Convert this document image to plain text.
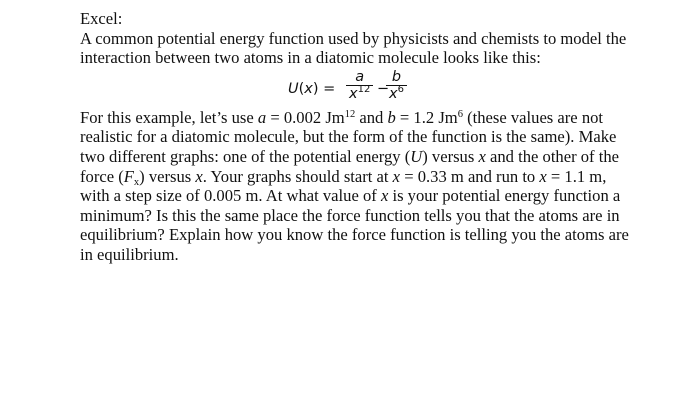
Excel:

A common potential energy function used by physicists and chemists to model the
interaction between two atoms in a diatomic molecule looks like this:

U(x) =
a
$x^{12}$ −
b
$x^6$

For this example, let’s use a = 0.002 Jm$^{12}$ and b = 1.2 Jm$^6$ (these values are not
realistic for a diatomic molecule, but the form of the function is the same). Make
two different graphs: one of the potential energy (U) versus x and the other of the
force $(F_x)$ versus x. Your graphs should start at x = 0.33 m and run to x = 1.1 m,
with a step size of 0.005 m. At what value of x is your potential energy function a
minimum? Is this the same place the force function tells you that the atoms are in
equilibrium? Explain how you know the force function is telling you the atoms are
in equilibrium.
